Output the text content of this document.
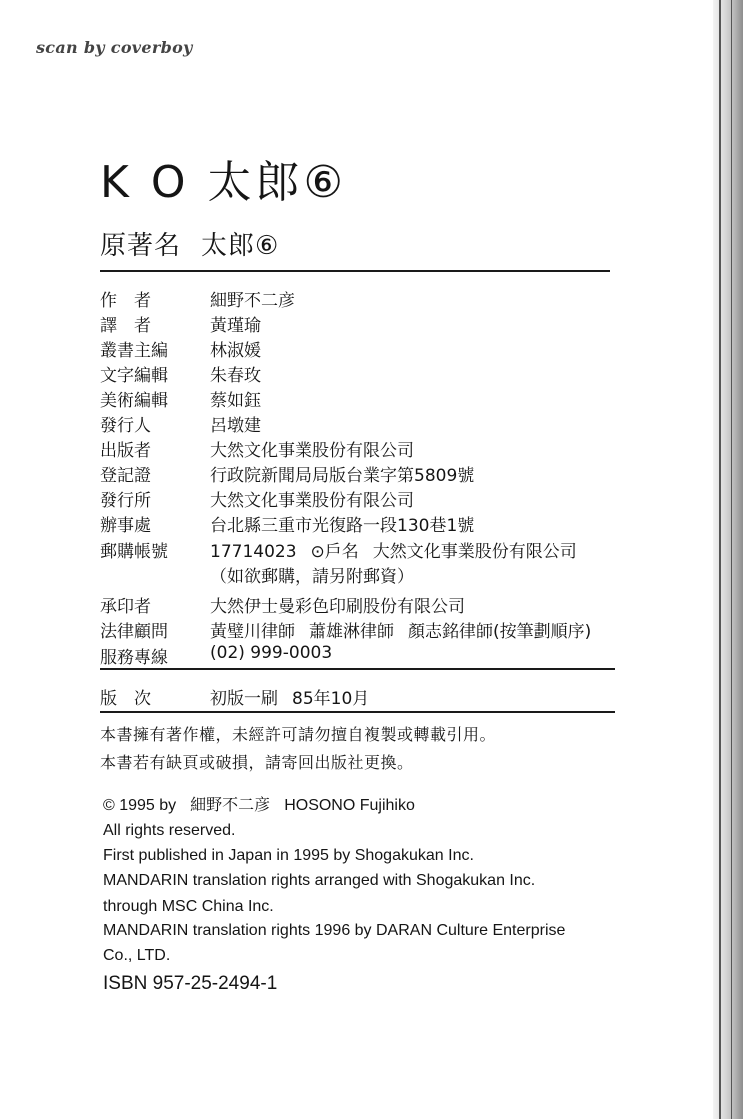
scan by coverboy
K O 太郎⑥
原著名 太郎⑥
作　者	細野不二彦
譯　者	黃瑾瑜
叢書主編	林淑媛
文字編輯	朱春玫
美術編輯	蔡如鈺
發行人	呂墩建
出版者	大然文化事業股份有限公司
登記證	行政院新聞局局版台業字第5809號
發行所	大然文化事業股份有限公司
辦事處	台北縣三重市光復路一段130巷1號
郵購帳號	17714023 ⊙戶名 大然文化事業股份有限公司
（如欲郵購，請另附郵資）
承印者	大然伊士曼彩色印刷股份有限公司
法律顧問	黃璧川律師 蕭雄淋律師 顏志銘律師(按筆劃順序)
服務專線	(02) 999-0003
版　次	初版一刷 85年10月
本書擁有著作權，未經許可請勿擅自複製或轉載引用。
本書若有缺頁或破損，請寄回出版社更換。
© 1995 by 細野不二彦 HOSONO Fujihiko
All rights reserved.
First published in Japan in 1995 by Shogakukan Inc.
MANDARIN translation rights arranged with Shogakukan Inc.
through MSC China Inc.
MANDARIN translation rights 1996 by DARAN Culture Enterprise
Co., LTD.
ISBN 957-25-2494-1
